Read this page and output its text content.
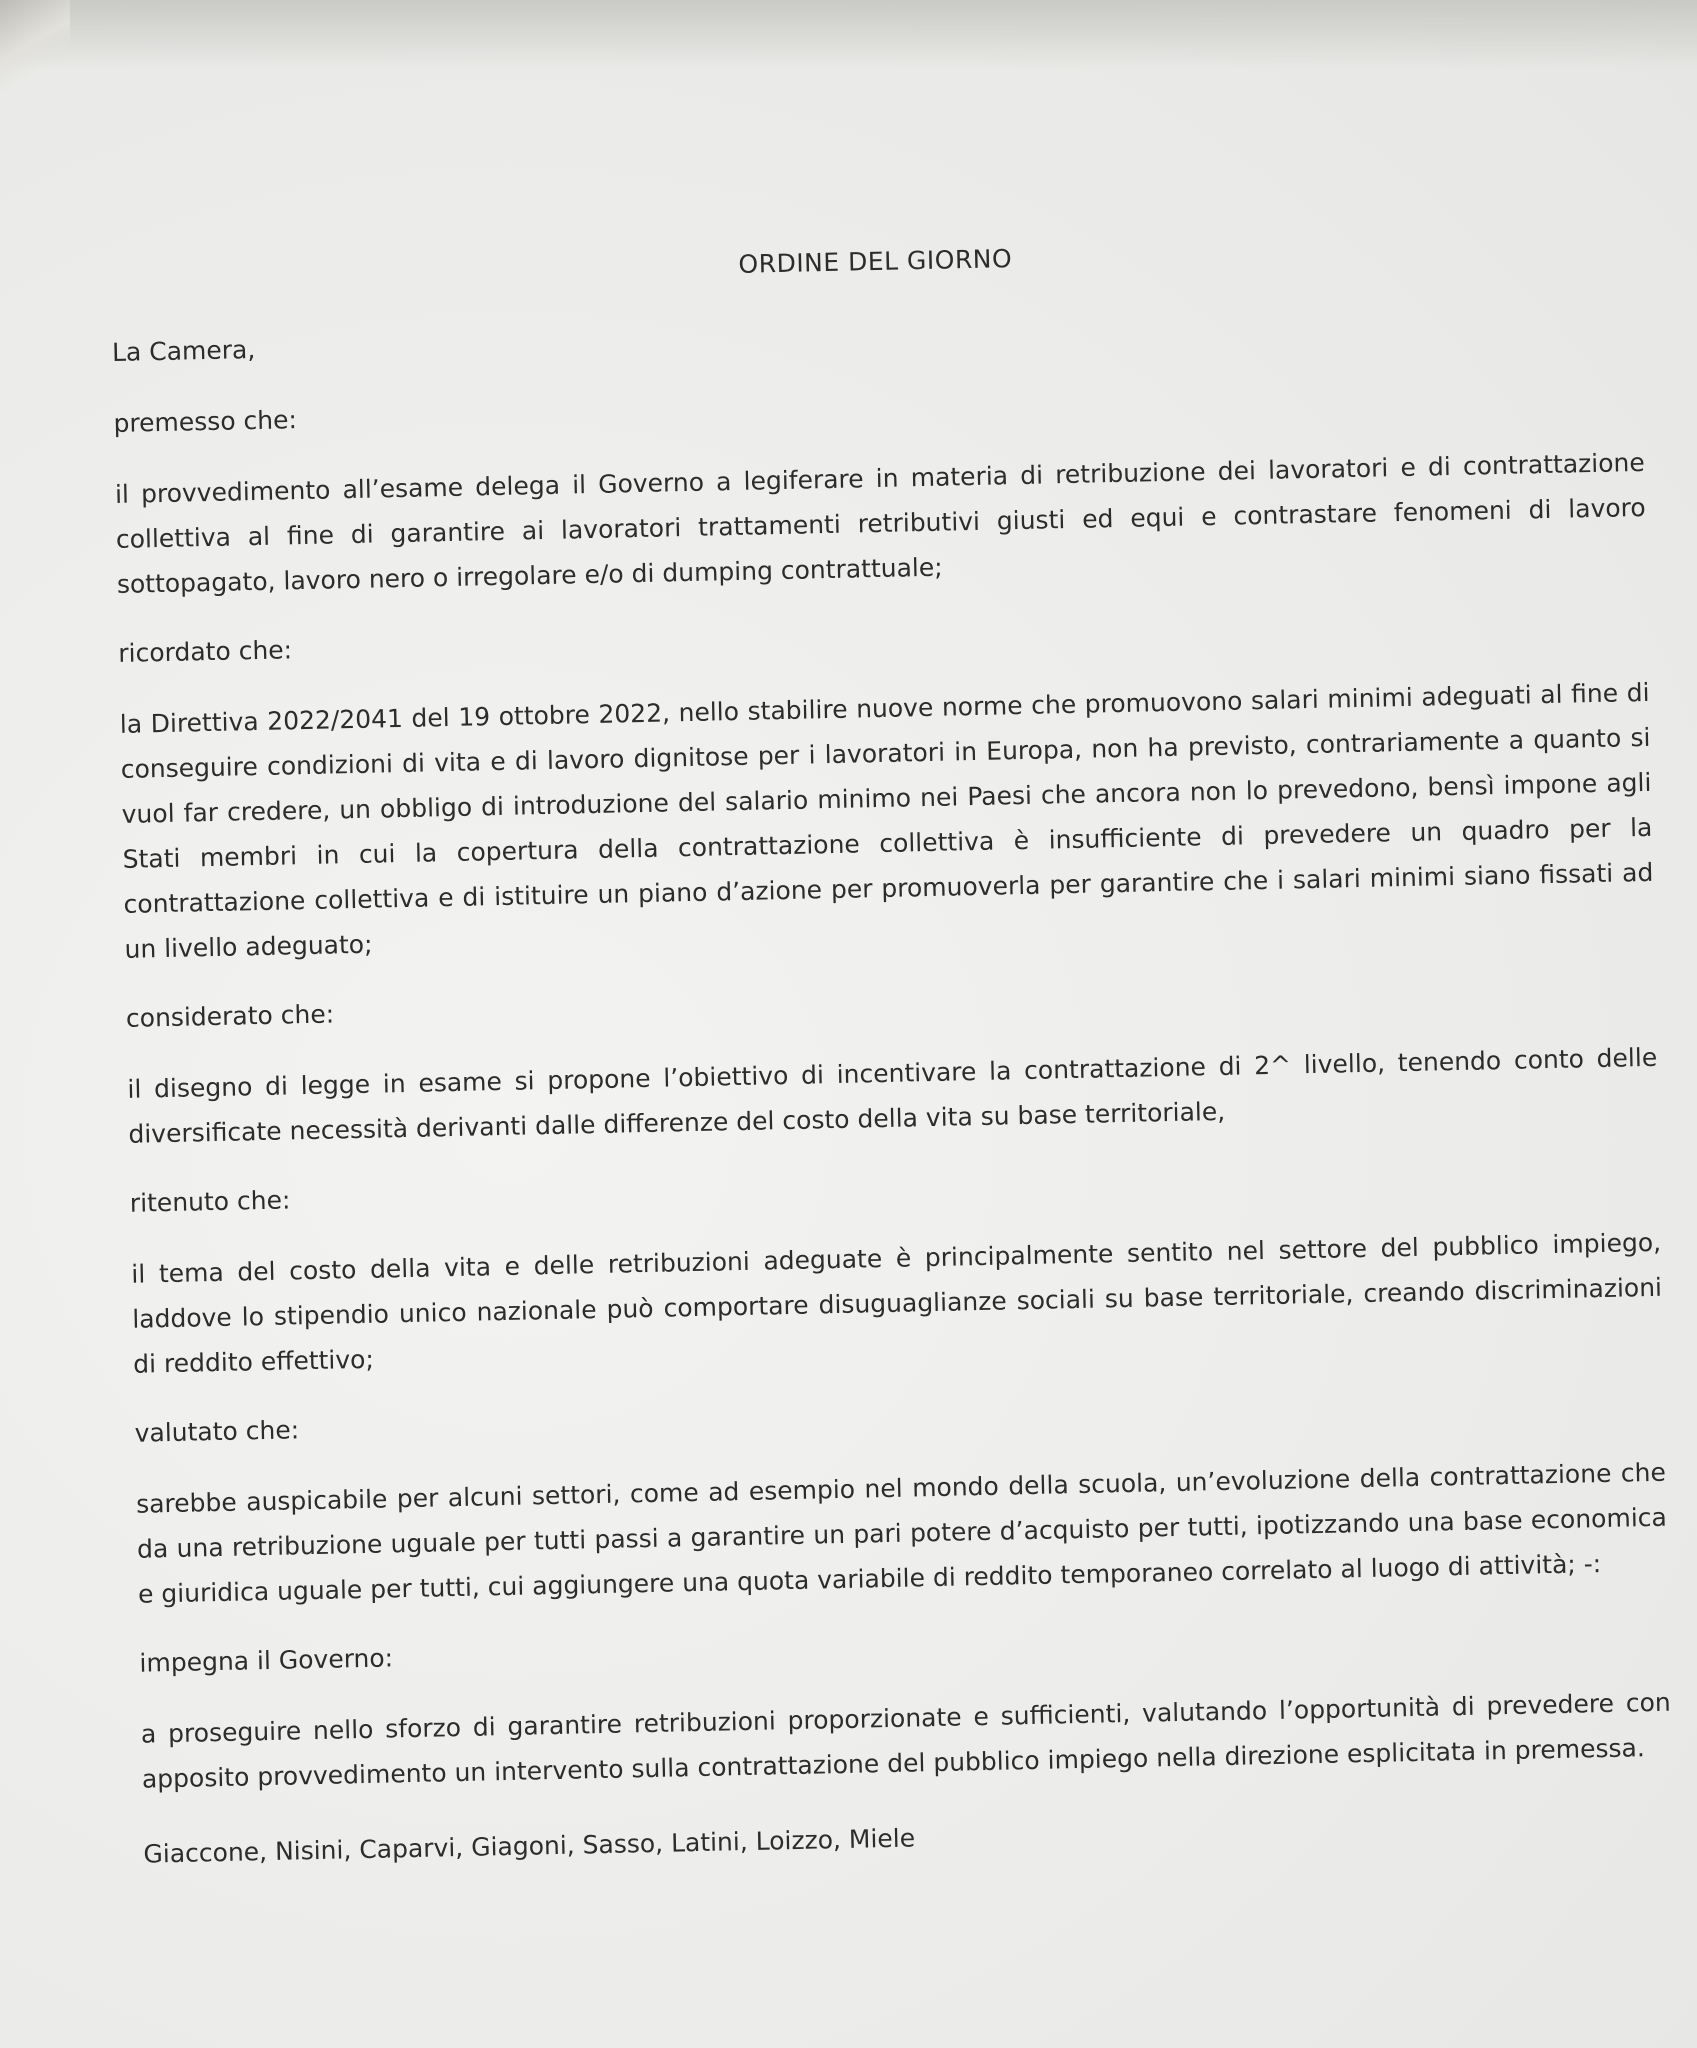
ORDINE DEL GIORNO
La Camera,
premesso che:
il provvedimento all’esame delega il Governo a legiferare in materia di retribuzione dei lavoratori e di contrattazione collettiva al fine di garantire ai lavoratori trattamenti retributivi giusti ed equi e contrastare fenomeni di lavoro sottopagato, lavoro nero o irregolare e/o di dumping contrattuale;
ricordato che:
la Direttiva 2022/2041 del 19 ottobre 2022, nello stabilire nuove norme che promuovono salari minimi adeguati al fine di conseguire condizioni di vita e di lavoro dignitose per i lavoratori in Europa, non ha previsto, contrariamente a quanto si vuol far credere, un obbligo di introduzione del salario minimo nei Paesi che ancora non lo prevedono, bensì impone agli Stati membri in cui la copertura della contrattazione collettiva è insufficiente di prevedere un quadro per la contrattazione collettiva e di istituire un piano d’azione per promuoverla per garantire che i salari minimi siano fissati ad un livello adeguato;
considerato che:
il disegno di legge in esame si propone l’obiettivo di incentivare la contrattazione di 2^ livello, tenendo conto delle diversificate necessità derivanti dalle differenze del costo della vita su base territoriale,
ritenuto che:
il tema del costo della vita e delle retribuzioni adeguate è principalmente sentito nel settore del pubblico impiego, laddove lo stipendio unico nazionale può comportare disuguaglianze sociali su base territoriale, creando discriminazioni di reddito effettivo;
valutato che:
sarebbe auspicabile per alcuni settori, come ad esempio nel mondo della scuola, un’evoluzione della contrattazione che da una retribuzione uguale per tutti passi a garantire un pari potere d’acquisto per tutti, ipotizzando una base economica e giuridica uguale per tutti, cui aggiungere una quota variabile di reddito temporaneo correlato al luogo di attività; -:
impegna il Governo:
a proseguire nello sforzo di garantire retribuzioni proporzionate e sufficienti, valutando l’opportunità di prevedere con apposito provvedimento un intervento sulla contrattazione del pubblico impiego nella direzione esplicitata in premessa.
Giaccone, Nisini, Caparvi, Giagoni, Sasso, Latini, Loizzo, Miele
